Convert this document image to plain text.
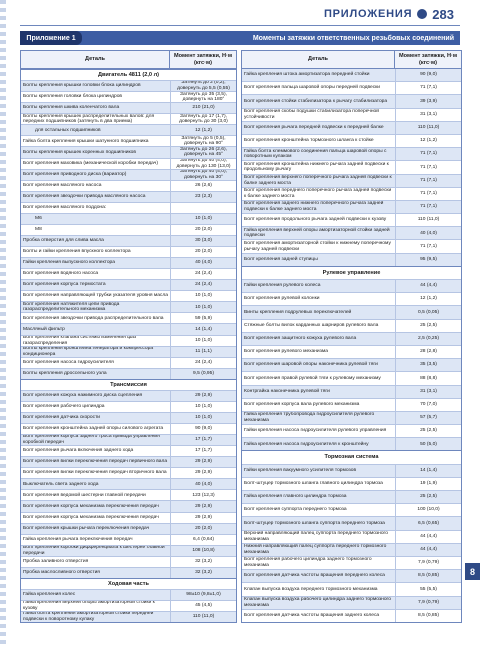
ПРИЛОЖЕНИЯ 283
Приложение 1	Моменты затяжки ответственных резьбовых соединений
Деталь
Момент затяжки, Н·м (кгс·м)
Двигатель 4811 (2,0 л)
Болты крепления крышки головки блока цилиндров
Затянуть до 2 (0,2), довернуть до 5,5 (0,55)
Болты крепления головки блока цилиндров
Затянуть до 35 (3,5), довернуть на 180°
Болты крепления шкива коленчатого вала	210 (21,0)
Болты крепления крышек распределительных валов: для передних подшипников (затянуть в два приема)
Затянуть до 17 (1,7), довернуть до 30 (3,0)
для остальных подшипников	12 (1,2)
Гайка болта крепления крышки шатунного подшипника
Затянуть до 5 (0,5), довернуть на 90°
Болты крепления крышек коренных подшипников
Затянуть до 26 (2,6), довернуть на 45°
Болт крепления маховика (механической коробки передач)
Затянуть до 40 (4,0), довернуть до 130 (13,0)
Болт крепления приводного диска (вариатор)
Затянуть до 40 (4,0), довернуть на 30°
Болт крепления масляного насоса	26 (2,6)
Болт крепления звездочки привода масляного насоса	23 (2,3)
Болт крепления масляного поддона:
М6	10 (1,0)
М8	20 (2,0)
Пробка отверстия для слива масла	30 (3,0)
Болты и гайки крепления впускного коллектора	20 (2,0)
Гайки крепления выпускного коллектора	40 (4,0)
Болт крепления водяного насоса	24 (2,4)
Болт крепления корпуса термостата	24 (2,4)
Болт крепления направляющей трубки указателя уровня масла	10 (1,0)
Болт крепления натяжителя цепи привода газораспределительного механизма
10 (1,0)
Болт крепления звездочки привода распределительного вала	59 (5,9)
Масляный фильтр	14 (1,4)
Болт крепления клапана системы изменения фаз газораспределения
10 (1,0)
Болты крепления кронштейна генератора и компрессора кондиционера
11 (1,1)
Болт крепления насоса гидроусилителя	24 (2,4)
Болты крепления дроссельного узла	9,5 (0,95)
Трансмиссия
Болт крепления кожуха нажимного диска сцепления	29 (2,9)
Болт крепления рабочего цилиндра	10 (1,0)
Болт крепления датчика скорости	10 (1,0)
Болт крепления кронштейна задней опоры силового агрегата	90 (9,0)
Болт крепления корпуса заднего троса привода управления коробкой передач
17 (1,7)
Болт крепления рычага включения заднего хода	17 (1,7)
Болт крепления вилки переключения передач первичного вала	29 (2,9)
Болт крепления вилки переключения передач вторичного вала	29 (2,9)
Выключатель света заднего хода	40 (4,0)
Болт крепления ведомой шестерни главной передачи	123 (12,3)
Болт крепления корпуса механизма переключения передач	29 (2,9)
Болт крепления корпуса механизма переключения передач	29 (2,9)
Болт крепления крышки рычага переключения передач	20 (2,0)
Гайка крепления рычага переключения передач	6,4 (0,64)
Болт крепления коробки дифференциала к шестерне главной передачи
108 (10,8)
Пробка заливного отверстия	32 (3,2)
Пробка маслосливного отверстия	32 (3,2)
Ходовая часть
Гайка крепления колес	98±10 (9,8±1,0)
Гайка крепления верхней опоры амортизаторной стойки к кузову
45 (4,5)
Гайка болта крепления амортизаторной стойки передней подвески к поворотному кулаку
110 (11,0)
Деталь
Момент затяжки, Н·м (кгс·м)
Гайка крепления штока амортизатора передней стойки	90 (9,0)
Болт крепления пальца шаровой опоры передней подвески	71 (7,1)
Болт крепления стойки стабилизатора к рычагу стабилизатора	39 (3,9)
Болт крепления скобы подушки стабилизатора поперечной устойчивости
31 (3,1)
Болт крепления рычага передней подвески к передней балке	110 (11,0)
Болт крепления кронштейна тормозного шланга к стойке	12 (1,2)
Гайка болта клеммового соединения пальца шаровой опоры с поворотным кулаком
71 (7,1)
Болт крепления кронштейна нижнего рычага задней подвески к продольному рычагу
71 (7,1)
Болт крепления верхнего поперечного рычага задней подвески к балке заднего моста
71 (7,1)
Болт крепления переднего поперечного рычага задней подвески к балке заднего моста
71 (7,1)
Болт крепления заднего нижнего поперечного рычага задней подвески к балке заднего моста
71 (7,1)
Болт крепления продольного рычага задней подвески к кузову	110 (11,0)
Гайка крепления верхней опоры амортизаторной стойки задней подвески
40 (4,0)
Болт крепления амортизаторной стойки к нижнему поперечному рычагу задней подвески
71 (7,1)
Болт крепления задней ступицы	95 (9,5)
Рулевое управление
Гайки крепления рулевого колеса	44 (4,4)
Болт крепления рулевой колонки	12 (1,2)
Винты крепления подрулевых переключателей	0,5 (0,05)
Стяжные болты вилок карданных шарниров рулевого вала	25 (2,5)
Болт крепления защитного кожуха рулевого вала	2,5 (0,25)
Болт крепления рулевого механизма	28 (2,8)
Болт крепления шаровой опоры наконечника рулевой тяги	35 (3,5)
Болт крепления правой рулевой тяги к рулевому механизму	88 (8,8)
Контргайка наконечника рулевой тяги	31 (3,1)
Болт крепления корпуса вала рулевого механизма	70 (7,0)
Гайка крепления трубопровода гидроусилителя рулевого механизма
57 (5,7)
Гайки крепления насоса гидроусилителя рулевого управления	25 (2,5)
Гайка крепления насоса гидроусилителя к кронштейну	50 (5,0)
Тормозная система
Гайки крепления вакуумного усилителя тормозов	14 (1,4)
Болт-штуцер тормозного шланга главного цилиндра тормоза	19 (1,9)
Гайка крепления главного цилиндра тормоза	25 (2,5)
Болт крепления суппорта переднего тормоза	100 (10,0)
Болт-штуцер тормозного шланга суппорта переднего тормоза	6,5 (0,65)
Верхний направляющий палец суппорта переднего тормозного механизма
44 (4,4)
Нижний направляющий палец суппорта переднего тормозного механизма
44 (4,4)
Болт крепления рабочего цилиндра заднего тормозного механизма
7,9 (0,79)
Болт крепления датчика частоты вращения переднего колеса	8,5 (0,85)
Клапан выпуска воздуха переднего тормозного механизма	55 (5,5)
Клапан выпуска воздуха рабочего цилиндра заднего тормозного механизма
7,9 (0,79)
Болт крепления датчика частоты вращения заднего колеса	8,5 (0,85)
8
